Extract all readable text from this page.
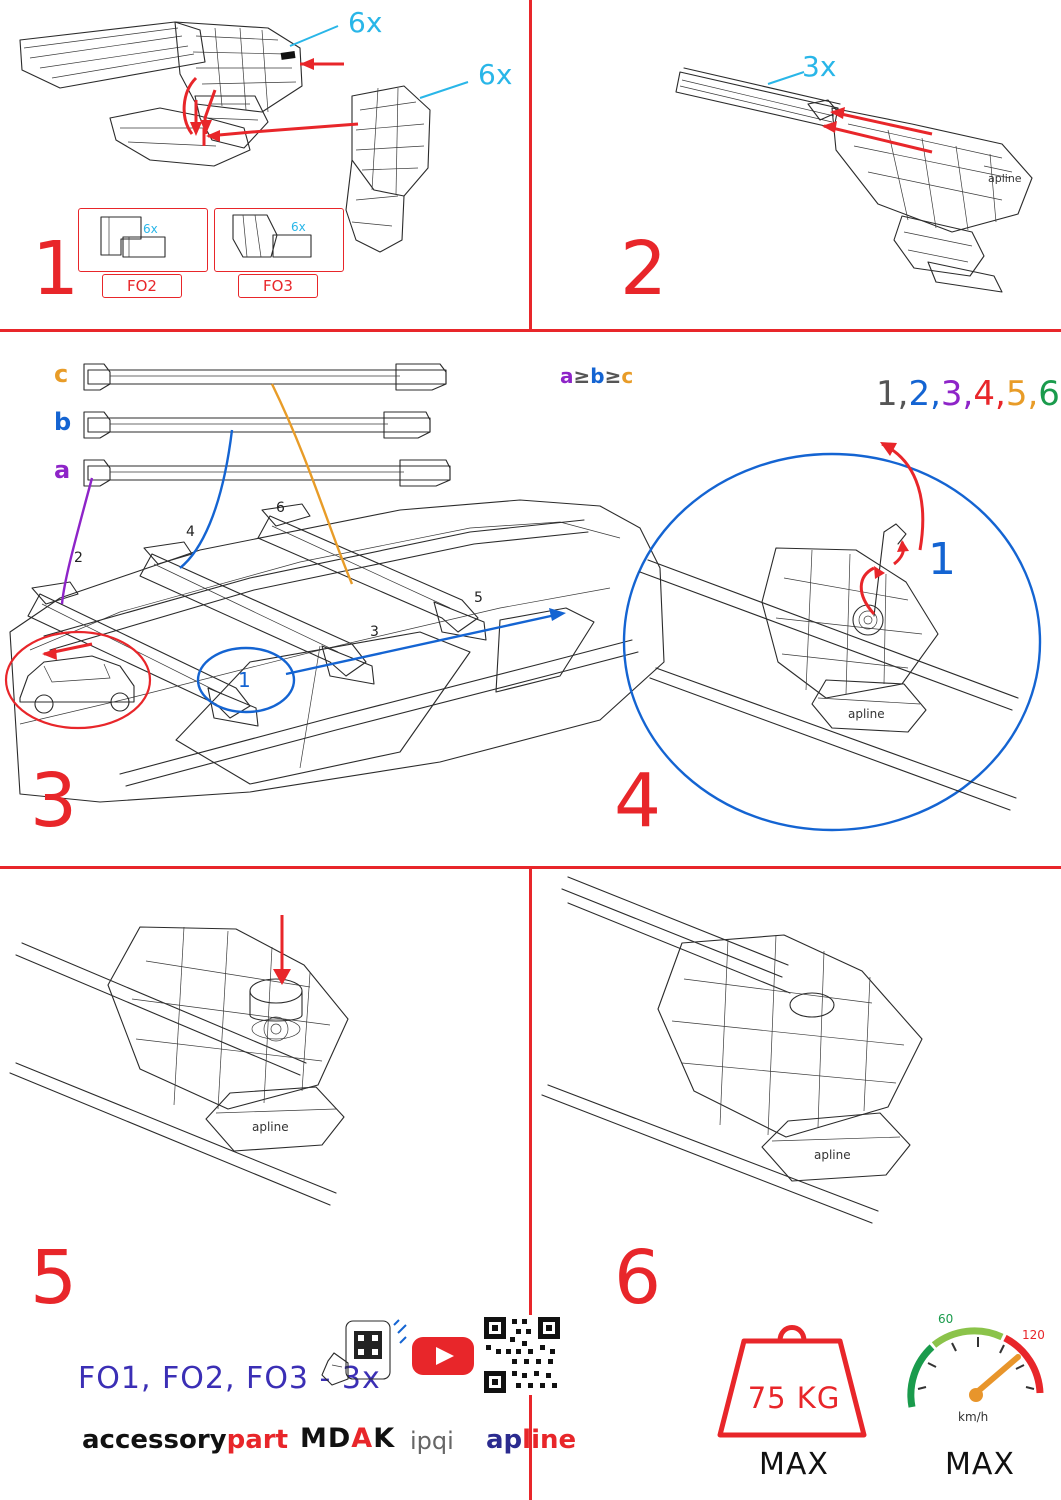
6x
6x
6x
FO2
6x
FO3
1
apline
3x
2
apline
c
b
a
a≥b≥c
2
4
6
3
5
1
1,2,3,4,5,6
1
3	4
apline
5
FO1, FO2, FO3 - 3x
accessorypart MDAK ipqi apline
apline
6
75 KG
MAX
60
120
km/h
MAX
